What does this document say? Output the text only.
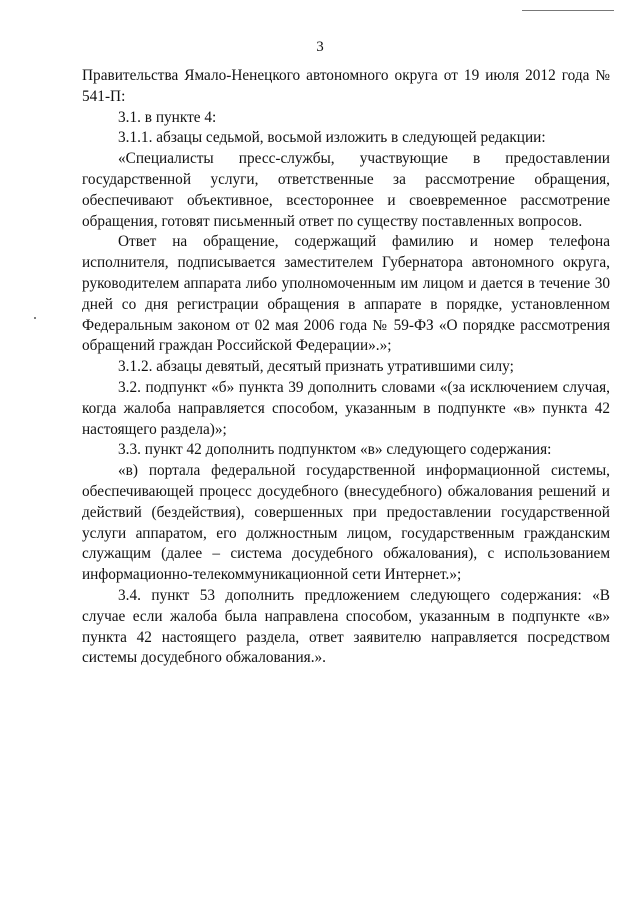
3

Правительства Ямало-Ненецкого автономного округа от 19 июля 2012 года № 541-П:

3.1. в пункте 4:

3.1.1. абзацы седьмой, восьмой изложить в следующей редакции:

«Специалисты пресс-службы, участвующие в предоставлении государственной услуги, ответственные за рассмотрение обращения, обеспечивают объективное, всестороннее и своевременное рассмотрение обращения, готовят письменный ответ по существу поставленных вопросов.

Ответ на обращение, содержащий фамилию и номер телефона исполнителя, подписывается заместителем Губернатора автономного округа, руководителем аппарата либо уполномоченным им лицом и дается в течение 30 дней со дня регистрации обращения в аппарате в порядке, установленном Федеральным законом от 02 мая 2006 года № 59-ФЗ «О порядке рассмотрения обращений граждан Российской Федерации».»;

3.1.2. абзацы девятый, десятый признать утратившими силу;

3.2. подпункт «б» пункта 39 дополнить словами «(за исключением случая, когда жалоба направляется способом, указанным в подпункте «в» пункта 42 настоящего раздела)»;

3.3. пункт 42 дополнить подпунктом «в» следующего содержания:

«в) портала федеральной государственной информационной системы, обеспечивающей процесс досудебного (внесудебного) обжалования решений и действий (бездействия), совершенных при предоставлении государственной услуги аппаратом, его должностным лицом, государственным гражданским служащим (далее – система досудебного обжалования), с использованием информационно-телекоммуникационной сети Интернет.»;

3.4. пункт 53 дополнить предложением следующего содержания: «В случае если жалоба была направлена способом, указанным в подпункте «в» пункта 42 настоящего раздела, ответ заявителю направляется посредством системы досудебного обжалования.».
